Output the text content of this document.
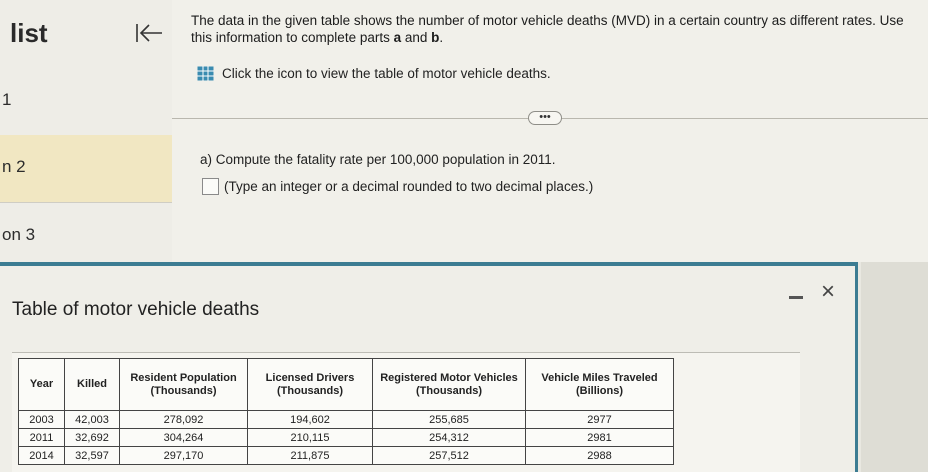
list
1
n 2
on 3
The data in the given table shows the number of motor vehicle deaths (MVD) in a certain country as different rates. Use this information to complete parts a and b.
Click the icon to view the table of motor vehicle deaths.
•••
a) Compute the fatality rate per 100,000 population in 2011.
(Type an integer or a decimal rounded to two decimal places.)
Table of motor vehicle deaths
×
Year	Killed	Resident Population (Thousands)	Licensed Drivers (Thousands)	Registered Motor Vehicles (Thousands)	Vehicle Miles Traveled (Billions)
2003	42,003	278,092	194,602	255,685	2977
2011	32,692	304,264	210,115	254,312	2981
2014	32,597	297,170	211,875	257,512	2988
